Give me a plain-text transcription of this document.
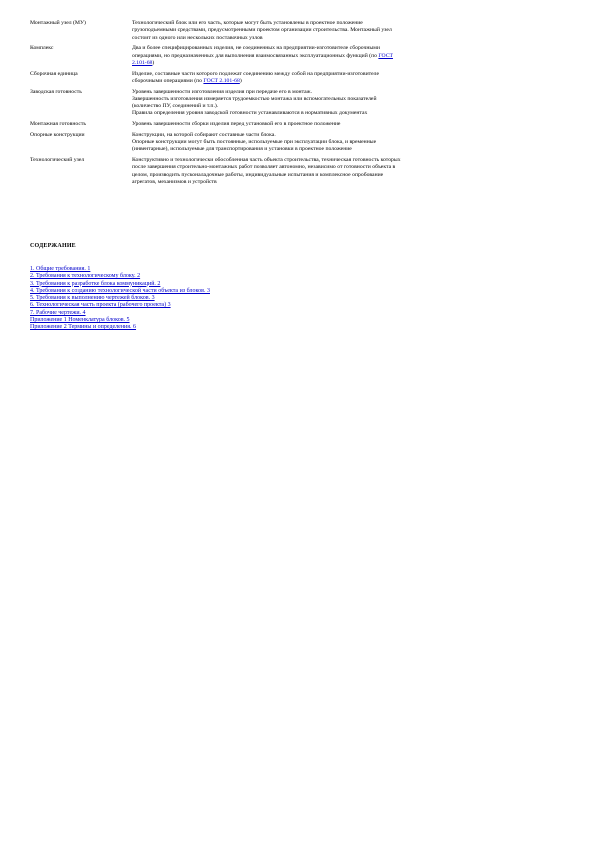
Монтажный узел (МУ)	Технологический блок или его часть, которые могут быть установлены в проектное положение
грузоподъемными средствами, предусмотренными проектом организации строительства. Монтажный узел
состоит из одного или нескольких поставочных узлов

Комплекс	Два и более специфицированных изделия, не соединенных на предприятии-изготовителе сборочными
операциями, но предназначенных для выполнения взаимосвязанных эксплуатационных функций (по ГОСТ
2.101-68)

Сборочная единица	Изделие, составные части которого подлежат соединению между собой на предприятии-изготовителе
сборочными операциями (по ГОСТ 2.101-68)

Заводская готовность	Уровень завершенности изготовления изделия при передаче его в монтаж.
Завершенность изготовления измеряется трудоемкостью монтажа или вспомогательных показателей
(количество ПУ, соединений и т.п.).
Правила определения уровня заводской готовности устанавливаются в нормативных документах

Монтажная готовность	Уровень завершенности сборки изделия перед установкой его в проектное положение

Опорные конструкции	Конструкции, на которой собирают составные части блока.
Опорные конструкции могут быть постоянные, используемые при эксплуатации блока, и временные
(инвентарные), используемые для транспортирования и установки в проектное положение

Технологический узел	Конструктивно и технологически обособленная часть объекта строительства, техническая готовность которых
после завершения строительно-монтажных работ позволяет автономно, независимо от готовности объекта в
целом, производить пусконаладочные работы, индивидуальные испытания и комплексное опробование
агрегатов, механизмов и устройств
СОДЕРЖАНИЕ
1. Общие требования. 1
2. Требования к технологическому блоку. 2
3. Требования к разработке блока коммуникаций. 2
4. Требования к созданию технологической части объекта из блоков. 3
5. Требования к выполнению чертежей блоков. 3
6. Технологическая часть проекта (рабочего проекта) 3
7. Рабочие чертежи. 4
Приложение 1 Номенклатура блоков. 5
Приложение 2 Термины и определения. 6
